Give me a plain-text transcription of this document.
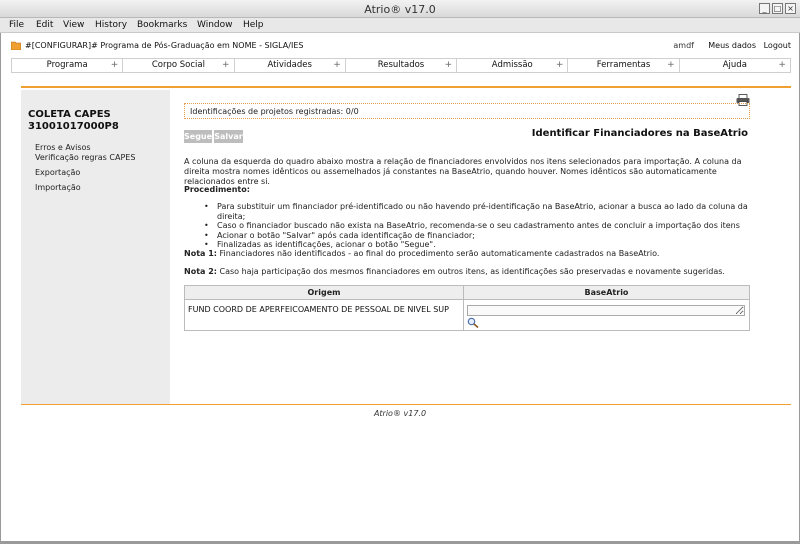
Atrio® v17.0	_ □ ×
File Edit View History Bookmarks Window Help
#[CONFIGURAR]# Programa de Pós-Graduação em NOME - SIGLA/IES	amdf Meus dados Logout
Programa	+	Corpo Social +	Atividades +	Resultados +	Admissão	+	Ferramentas +	Ajuda	+
COLETA CAPES
31001017000P8
Erros e Avisos
Verificação regras CAPES
Exportação
Importação
Identificações de projetos registradas: 0/0
Segue Salvar	Identificar Financiadores na BaseAtrio
A coluna da esquerda do quadro abaixo mostra a relação de financiadores envolvidos nos itens selecionados para importação. A coluna da direita mostra nomes idênticos ou assemelhados já constantes na BaseAtrio, quando houver. Nomes idênticos são automaticamente relacionados entre si.
Procedimento:
• Para substituir um financiador pré-identificado ou não havendo pré-identificação na BaseAtrio, acionar a busca ao lado da coluna da direita;
• Caso o financiador buscado não exista na BaseAtrio, recomenda-se o seu cadastramento antes de concluir a importação dos itens
• Acionar o botão "Salvar" após cada identificação de financiador;
• Finalizadas as identificações, acionar o botão "Segue".
Nota 1: Financiadores não identificados - ao final do procedimento serão automaticamente cadastrados na BaseAtrio.
Nota 2: Caso haja participação dos mesmos financiadores em outros itens, as identificações são preservadas e novamente sugeridas.
Origem	BaseAtrio
FUND COORD DE APERFEICOAMENTO DE PESSOAL DE NIVEL SUP
Atrio® v17.0
